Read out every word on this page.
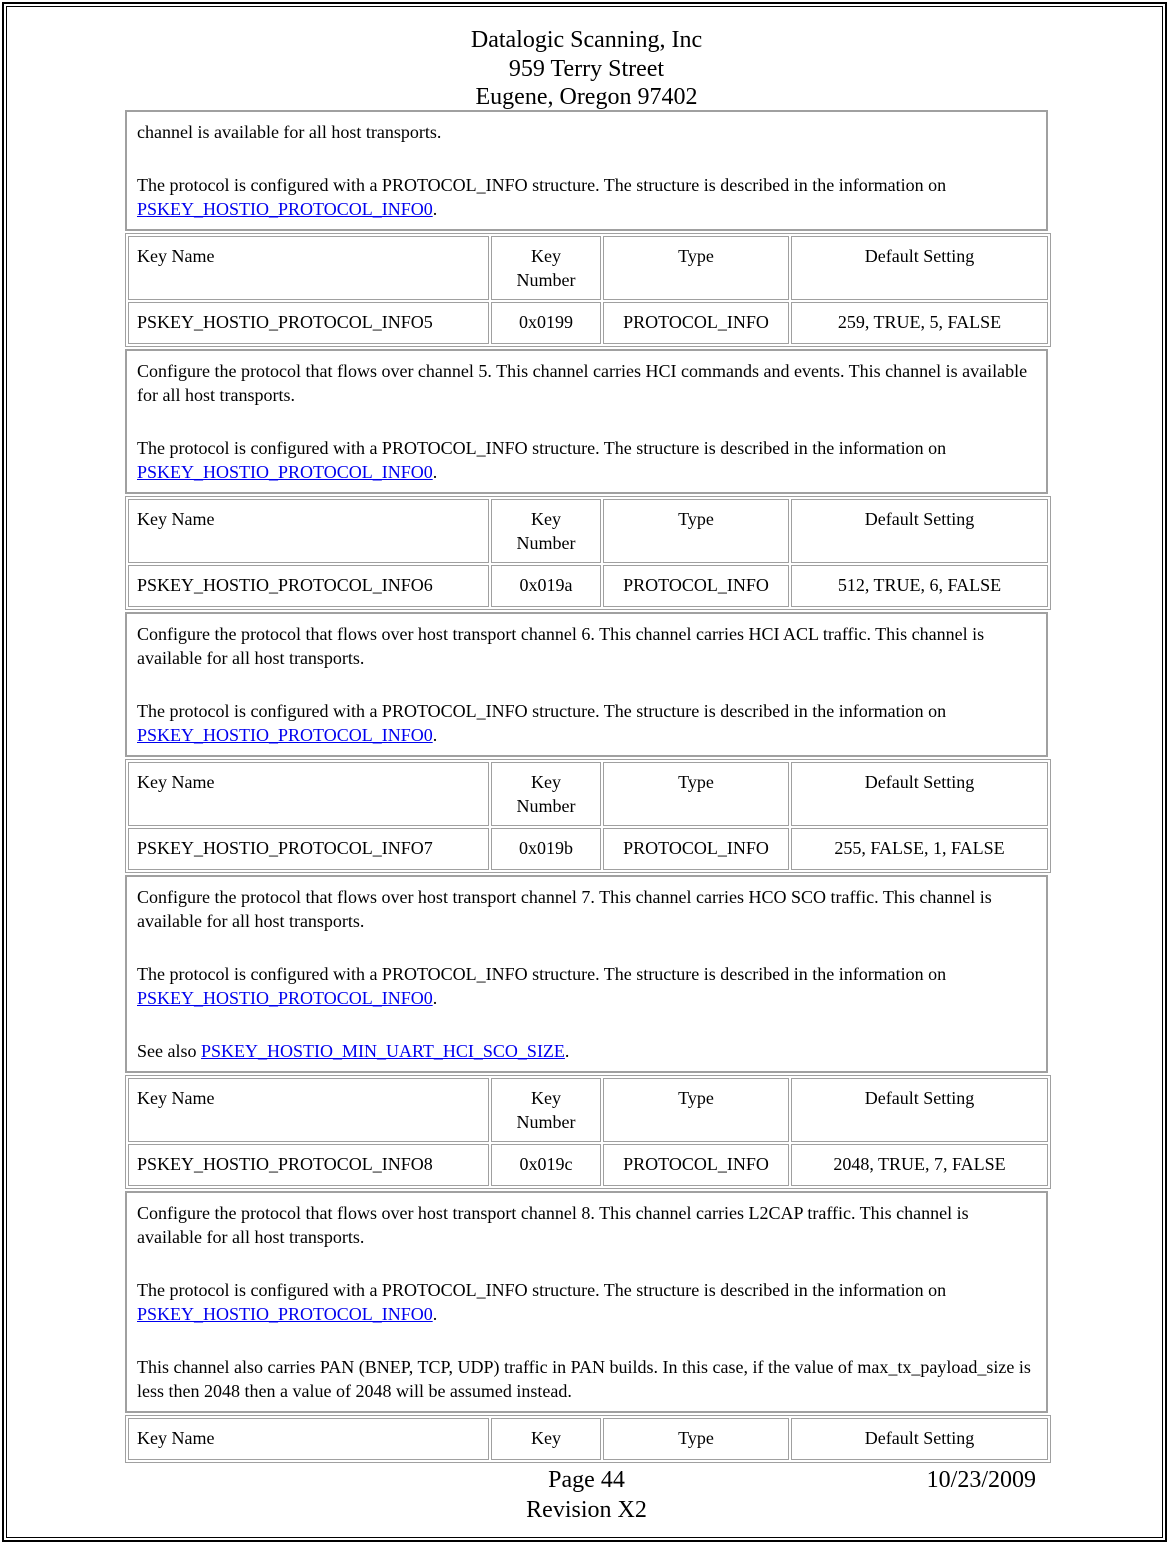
Datalogic Scanning, Inc
959 Terry Street
Eugene, Oregon 97402

channel is available for all host transports.

The protocol is configured with a PROTOCOL_INFO structure. The structure is described in the information on PSKEY_HOSTIO_PROTOCOL_INFO0.

Key Name	Key Number	Type	Default Setting
PSKEY_HOSTIO_PROTOCOL_INFO5	0x0199	PROTOCOL_INFO	259, TRUE, 5, FALSE

Configure the protocol that flows over channel 5. This channel carries HCI commands and events. This channel is available for all host transports.

The protocol is configured with a PROTOCOL_INFO structure. The structure is described in the information on PSKEY_HOSTIO_PROTOCOL_INFO0.

Key Name	Key Number	Type	Default Setting
PSKEY_HOSTIO_PROTOCOL_INFO6	0x019a	PROTOCOL_INFO	512, TRUE, 6, FALSE

Configure the protocol that flows over host transport channel 6. This channel carries HCI ACL traffic. This channel is available for all host transports.

The protocol is configured with a PROTOCOL_INFO structure. The structure is described in the information on PSKEY_HOSTIO_PROTOCOL_INFO0.

Key Name	Key Number	Type	Default Setting
PSKEY_HOSTIO_PROTOCOL_INFO7	0x019b	PROTOCOL_INFO	255, FALSE, 1, FALSE

Configure the protocol that flows over host transport channel 7. This channel carries HCO SCO traffic. This channel is available for all host transports.

The protocol is configured with a PROTOCOL_INFO structure. The structure is described in the information on PSKEY_HOSTIO_PROTOCOL_INFO0.

See also PSKEY_HOSTIO_MIN_UART_HCI_SCO_SIZE.

Key Name	Key Number	Type	Default Setting
PSKEY_HOSTIO_PROTOCOL_INFO8	0x019c	PROTOCOL_INFO	2048, TRUE, 7, FALSE

Configure the protocol that flows over host transport channel 8. This channel carries L2CAP traffic. This channel is available for all host transports.

The protocol is configured with a PROTOCOL_INFO structure. The structure is described in the information on PSKEY_HOSTIO_PROTOCOL_INFO0.

This channel also carries PAN (BNEP, TCP, UDP) traffic in PAN builds. In this case, if the value of max_tx_payload_size is less then 2048 then a value of 2048 will be assumed instead.

Key Name	Key	Type	Default Setting
Page 44	10/23/2009
Revision X2
